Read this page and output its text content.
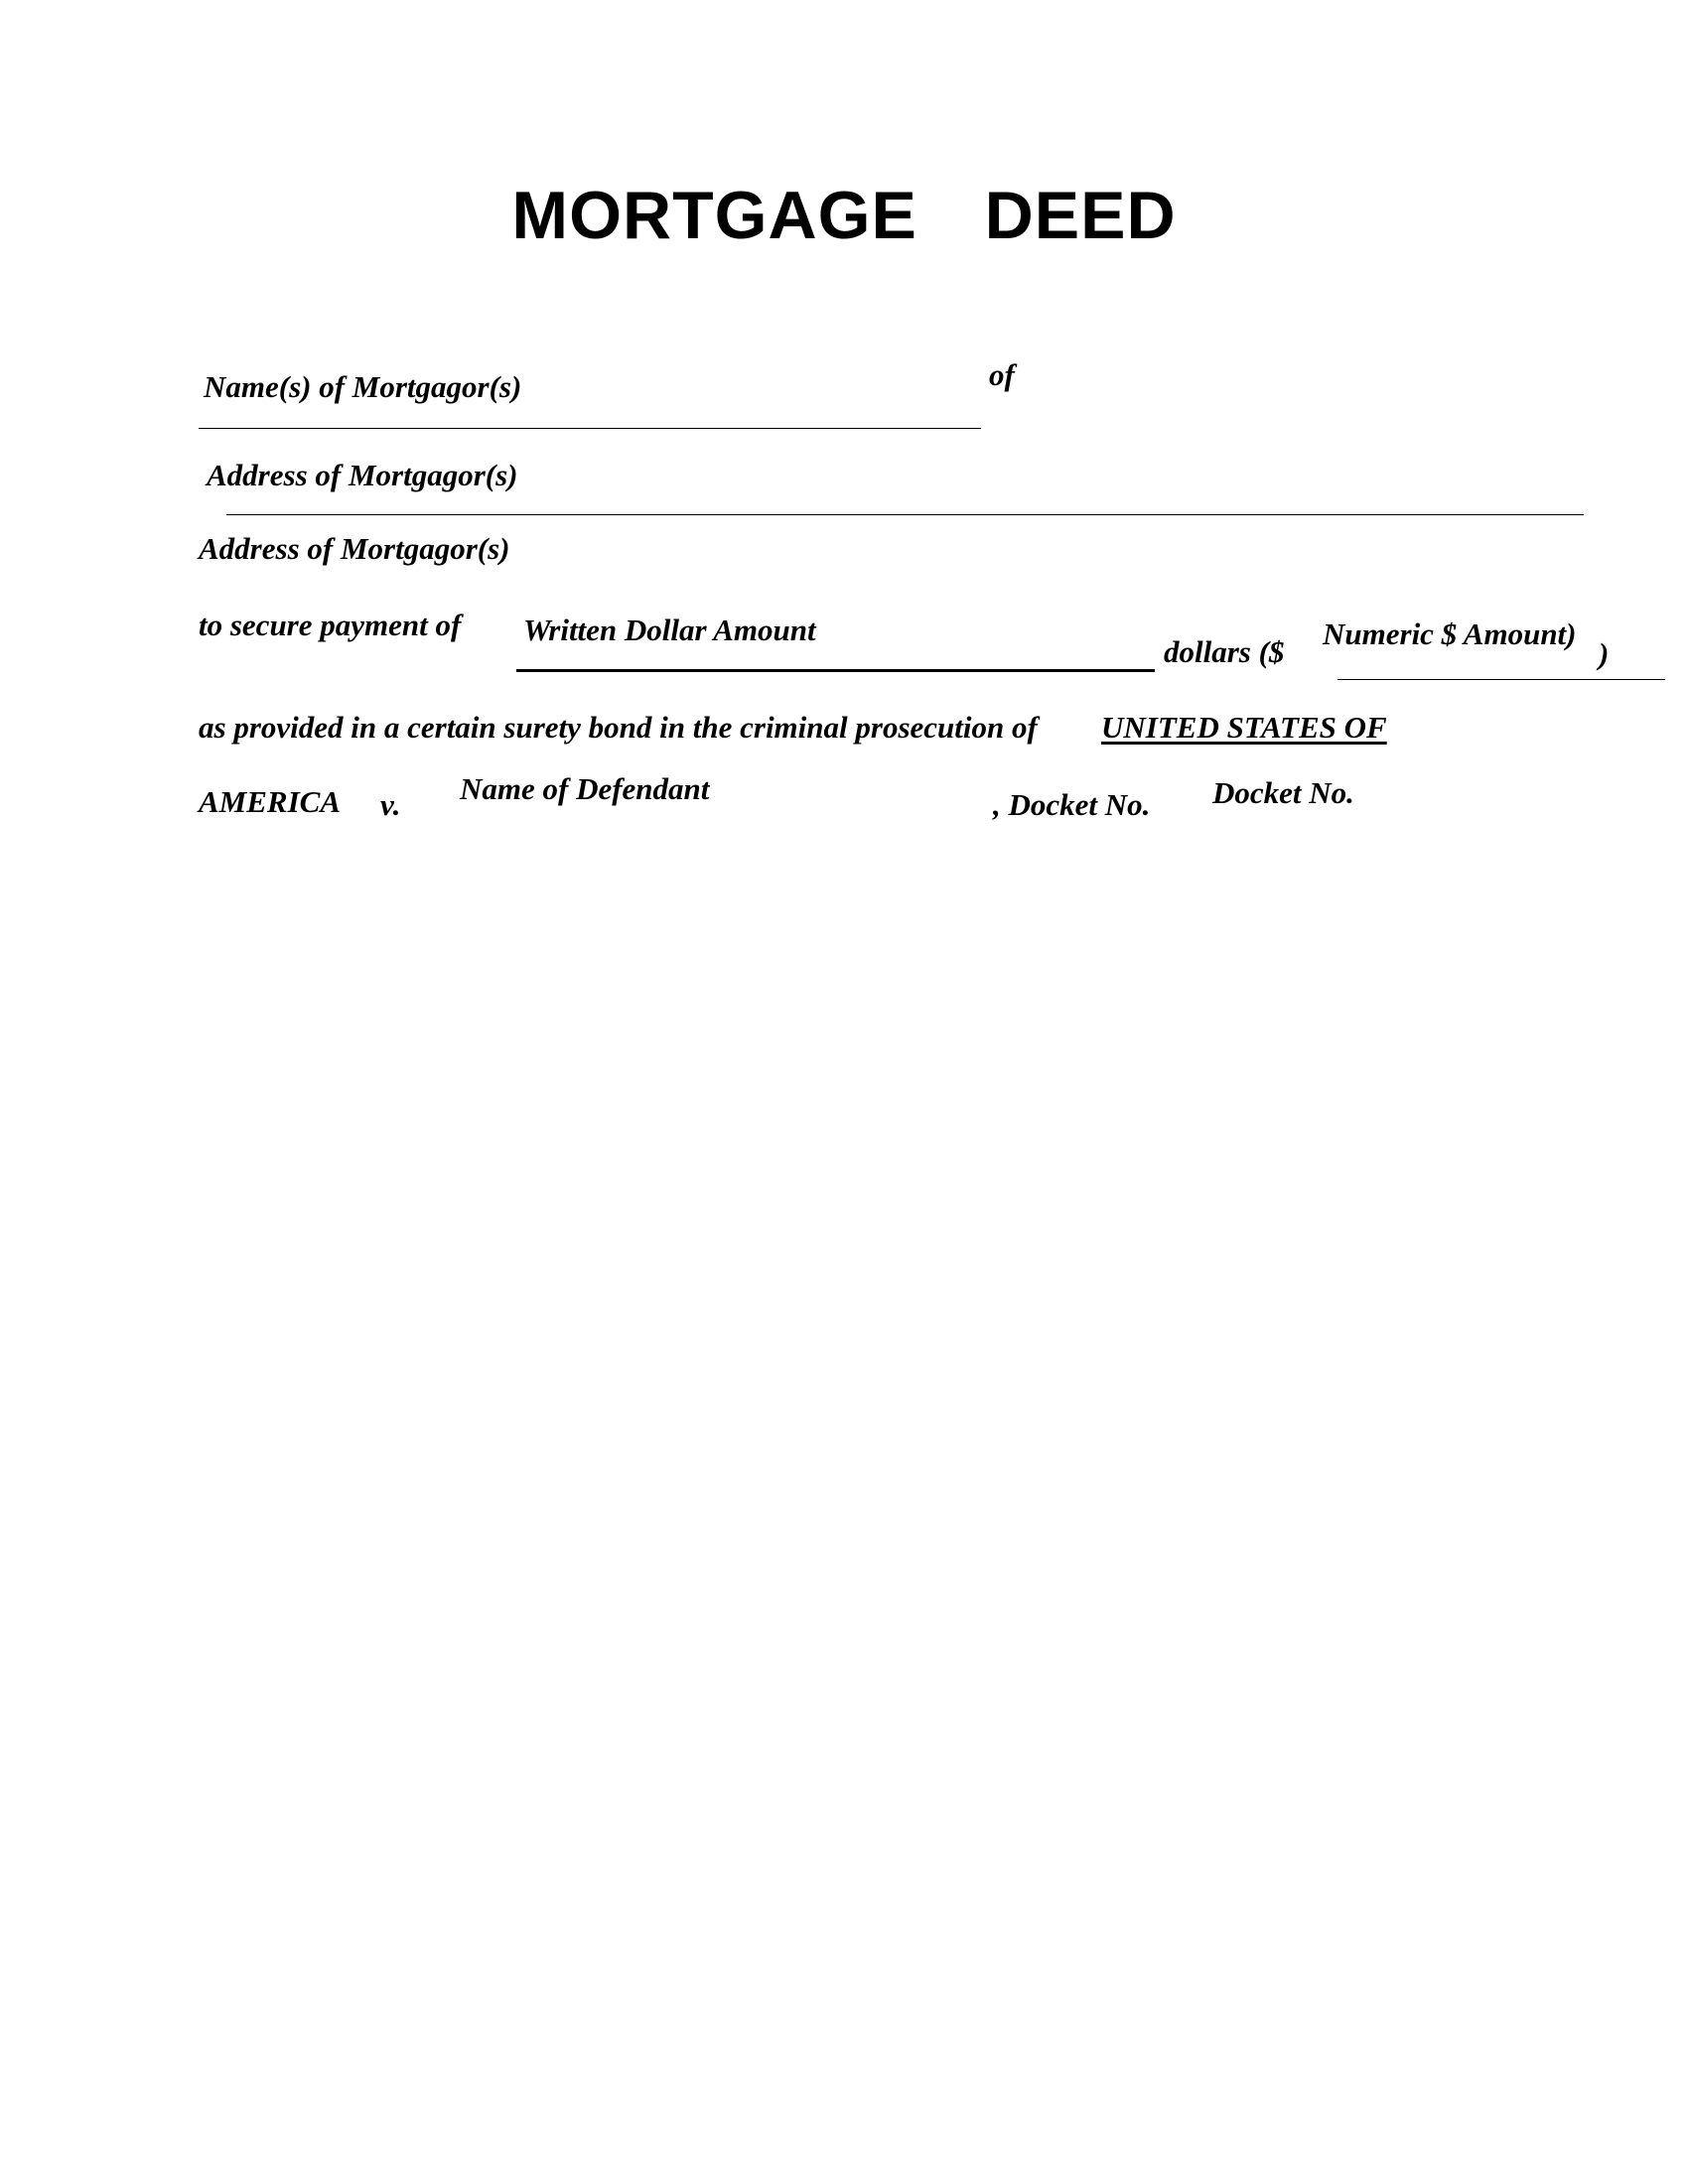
MORTGAGE  DEED
Name(s) of Mortgagor(s)	of
Address of Mortgagor(s)
Address of Mortgagor(s)
to secure payment of Written Dollar Amount
dollars ($
Numeric $ Amount)
)
as provided in a certain surety bond in the criminal prosecution of UNITED STATES OF
AMERICA v. Name of Defendant	, Docket No. Docket No.
